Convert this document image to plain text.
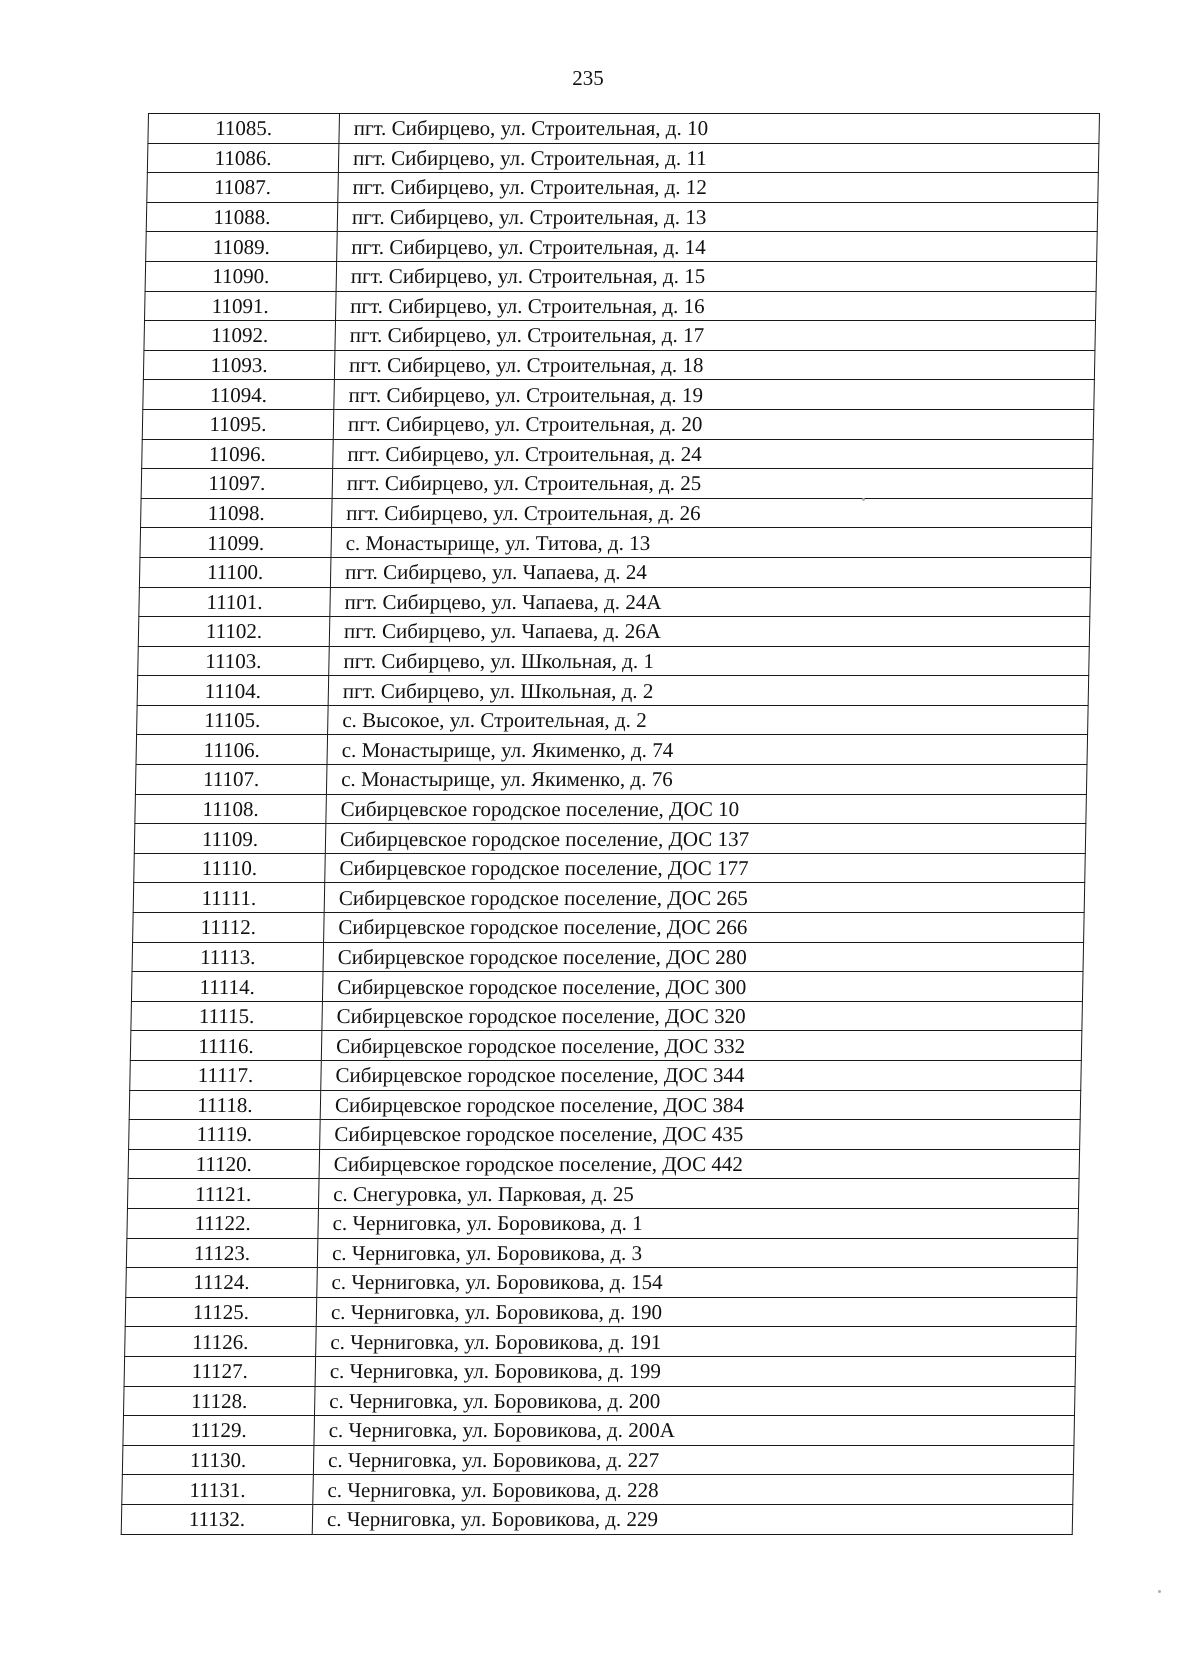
235
11085.	пгт. Сибирцево, ул. Строительная, д. 10
11086.	пгт. Сибирцево, ул. Строительная, д. 11
11087.	пгт. Сибирцево, ул. Строительная, д. 12
11088.	пгт. Сибирцево, ул. Строительная, д. 13
11089.	пгт. Сибирцево, ул. Строительная, д. 14
11090.	пгт. Сибирцево, ул. Строительная, д. 15
11091.	пгт. Сибирцево, ул. Строительная, д. 16
11092.	пгт. Сибирцево, ул. Строительная, д. 17
11093.	пгт. Сибирцево, ул. Строительная, д. 18
11094.	пгт. Сибирцево, ул. Строительная, д. 19
11095.	пгт. Сибирцево, ул. Строительная, д. 20
11096.	пгт. Сибирцево, ул. Строительная, д. 24
11097.	пгт. Сибирцево, ул. Строительная, д. 25
11098.	пгт. Сибирцево, ул. Строительная, д. 26
11099.	с. Монастырище, ул. Титова, д. 13
11100.	пгт. Сибирцево, ул. Чапаева, д. 24
11101.	пгт. Сибирцево, ул. Чапаева, д. 24А
11102.	пгт. Сибирцево, ул. Чапаева, д. 26А
11103.	пгт. Сибирцево, ул. Школьная, д. 1
11104.	пгт. Сибирцево, ул. Школьная, д. 2
11105.	с. Высокое, ул. Строительная, д. 2
11106.	с. Монастырище, ул. Якименко, д. 74
11107.	с. Монастырище, ул. Якименко, д. 76
11108.	Сибирцевское городское поселение, ДОС 10
11109.	Сибирцевское городское поселение, ДОС 137
11110.	Сибирцевское городское поселение, ДОС 177
11111.	Сибирцевское городское поселение, ДОС 265
11112.	Сибирцевское городское поселение, ДОС 266
11113.	Сибирцевское городское поселение, ДОС 280
11114.	Сибирцевское городское поселение, ДОС 300
11115.	Сибирцевское городское поселение, ДОС 320
11116.	Сибирцевское городское поселение, ДОС 332
11117.	Сибирцевское городское поселение, ДОС 344
11118.	Сибирцевское городское поселение, ДОС 384
11119.	Сибирцевское городское поселение, ДОС 435
11120.	Сибирцевское городское поселение, ДОС 442
11121.	с. Снегуровка, ул. Парковая, д. 25
11122.	с. Черниговка, ул. Боровикова, д. 1
11123.	с. Черниговка, ул. Боровикова, д. 3
11124.	с. Черниговка, ул. Боровикова, д. 154
11125.	с. Черниговка, ул. Боровикова, д. 190
11126.	с. Черниговка, ул. Боровикова, д. 191
11127.	с. Черниговка, ул. Боровикова, д. 199
11128.	с. Черниговка, ул. Боровикова, д. 200
11129.	с. Черниговка, ул. Боровикова, д. 200А
11130.	с. Черниговка, ул. Боровикова, д. 227
11131.	с. Черниговка, ул. Боровикова, д. 228
11132.	с. Черниговка, ул. Боровикова, д. 229
